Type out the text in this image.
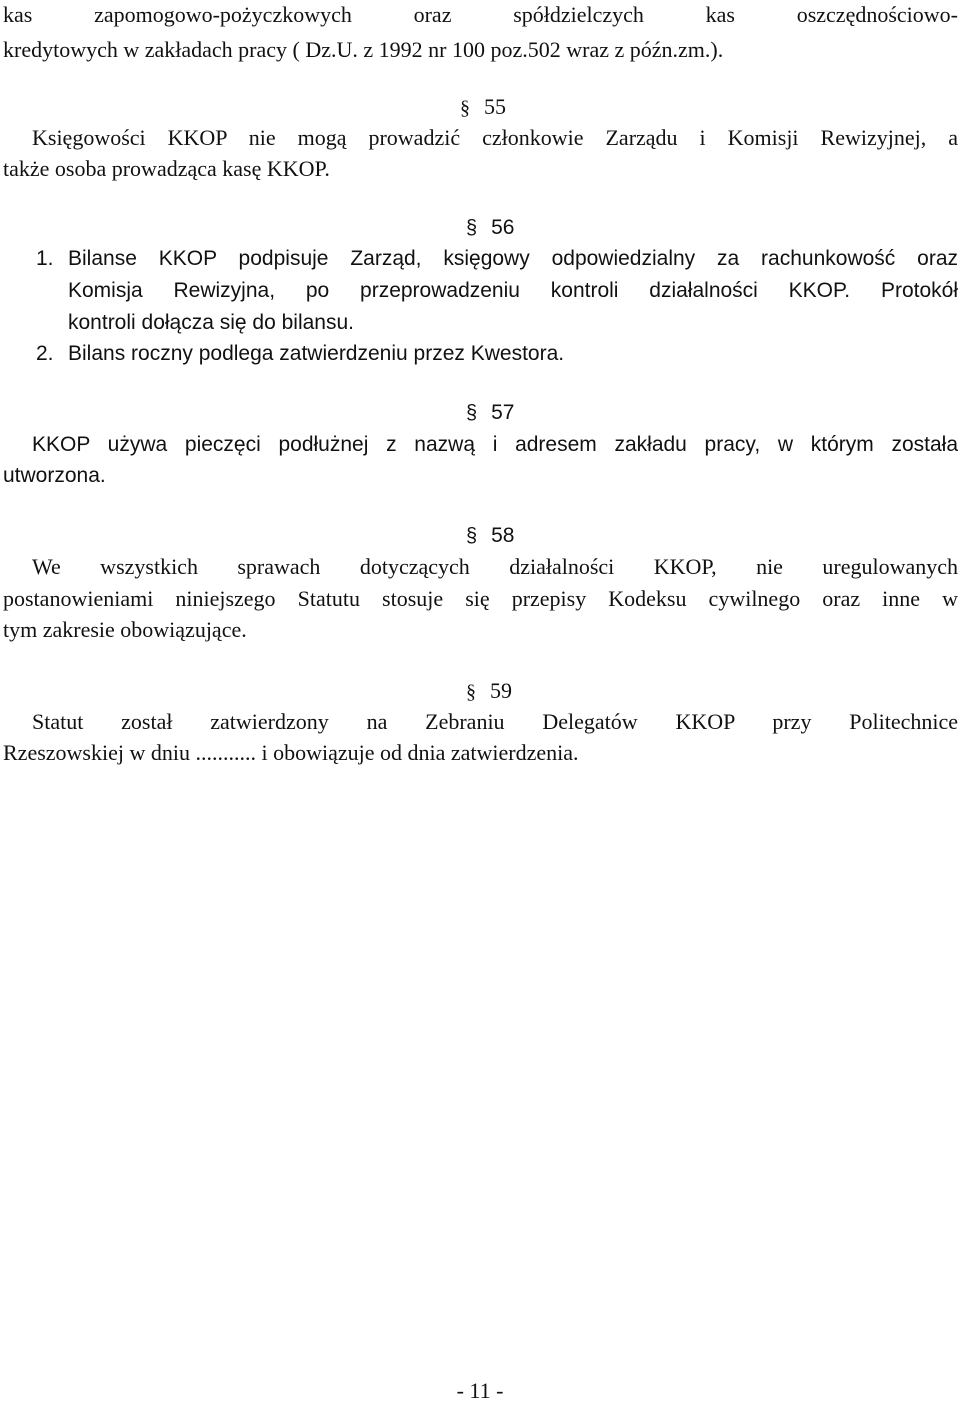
kas zapomogowo-pożyczkowych oraz spółdzielczych kas oszczędnościowo-
kredytowych w zakładach pracy ( Dz.U. z 1992 nr 100 poz.502 wraz z późn.zm.).
§ 55
Księgowości KKOP nie mogą prowadzić członkowie Zarządu i Komisji Rewizyjnej, a
także osoba prowadząca kasę KKOP.
§ 56
1. Bilanse KKOP podpisuje Zarząd, księgowy odpowiedzialny za rachunkowość oraz
Komisja Rewizyjna, po przeprowadzeniu kontroli działalności KKOP. Protokół
kontroli dołącza się do bilansu.
2. Bilans roczny podlega zatwierdzeniu przez Kwestora.
§ 57
KKOP używa pieczęci podłużnej z nazwą i adresem zakładu pracy, w którym została
utworzona.
§ 58
We wszystkich sprawach dotyczących działalności KKOP, nie uregulowanych
postanowieniami niniejszego Statutu stosuje się przepisy Kodeksu cywilnego oraz inne w
tym zakresie obowiązujące.
§ 59
Statut został zatwierdzony na Zebraniu Delegatów KKOP przy Politechnice
Rzeszowskiej w dniu ........... i obowiązuje od dnia zatwierdzenia.
- 11 -
